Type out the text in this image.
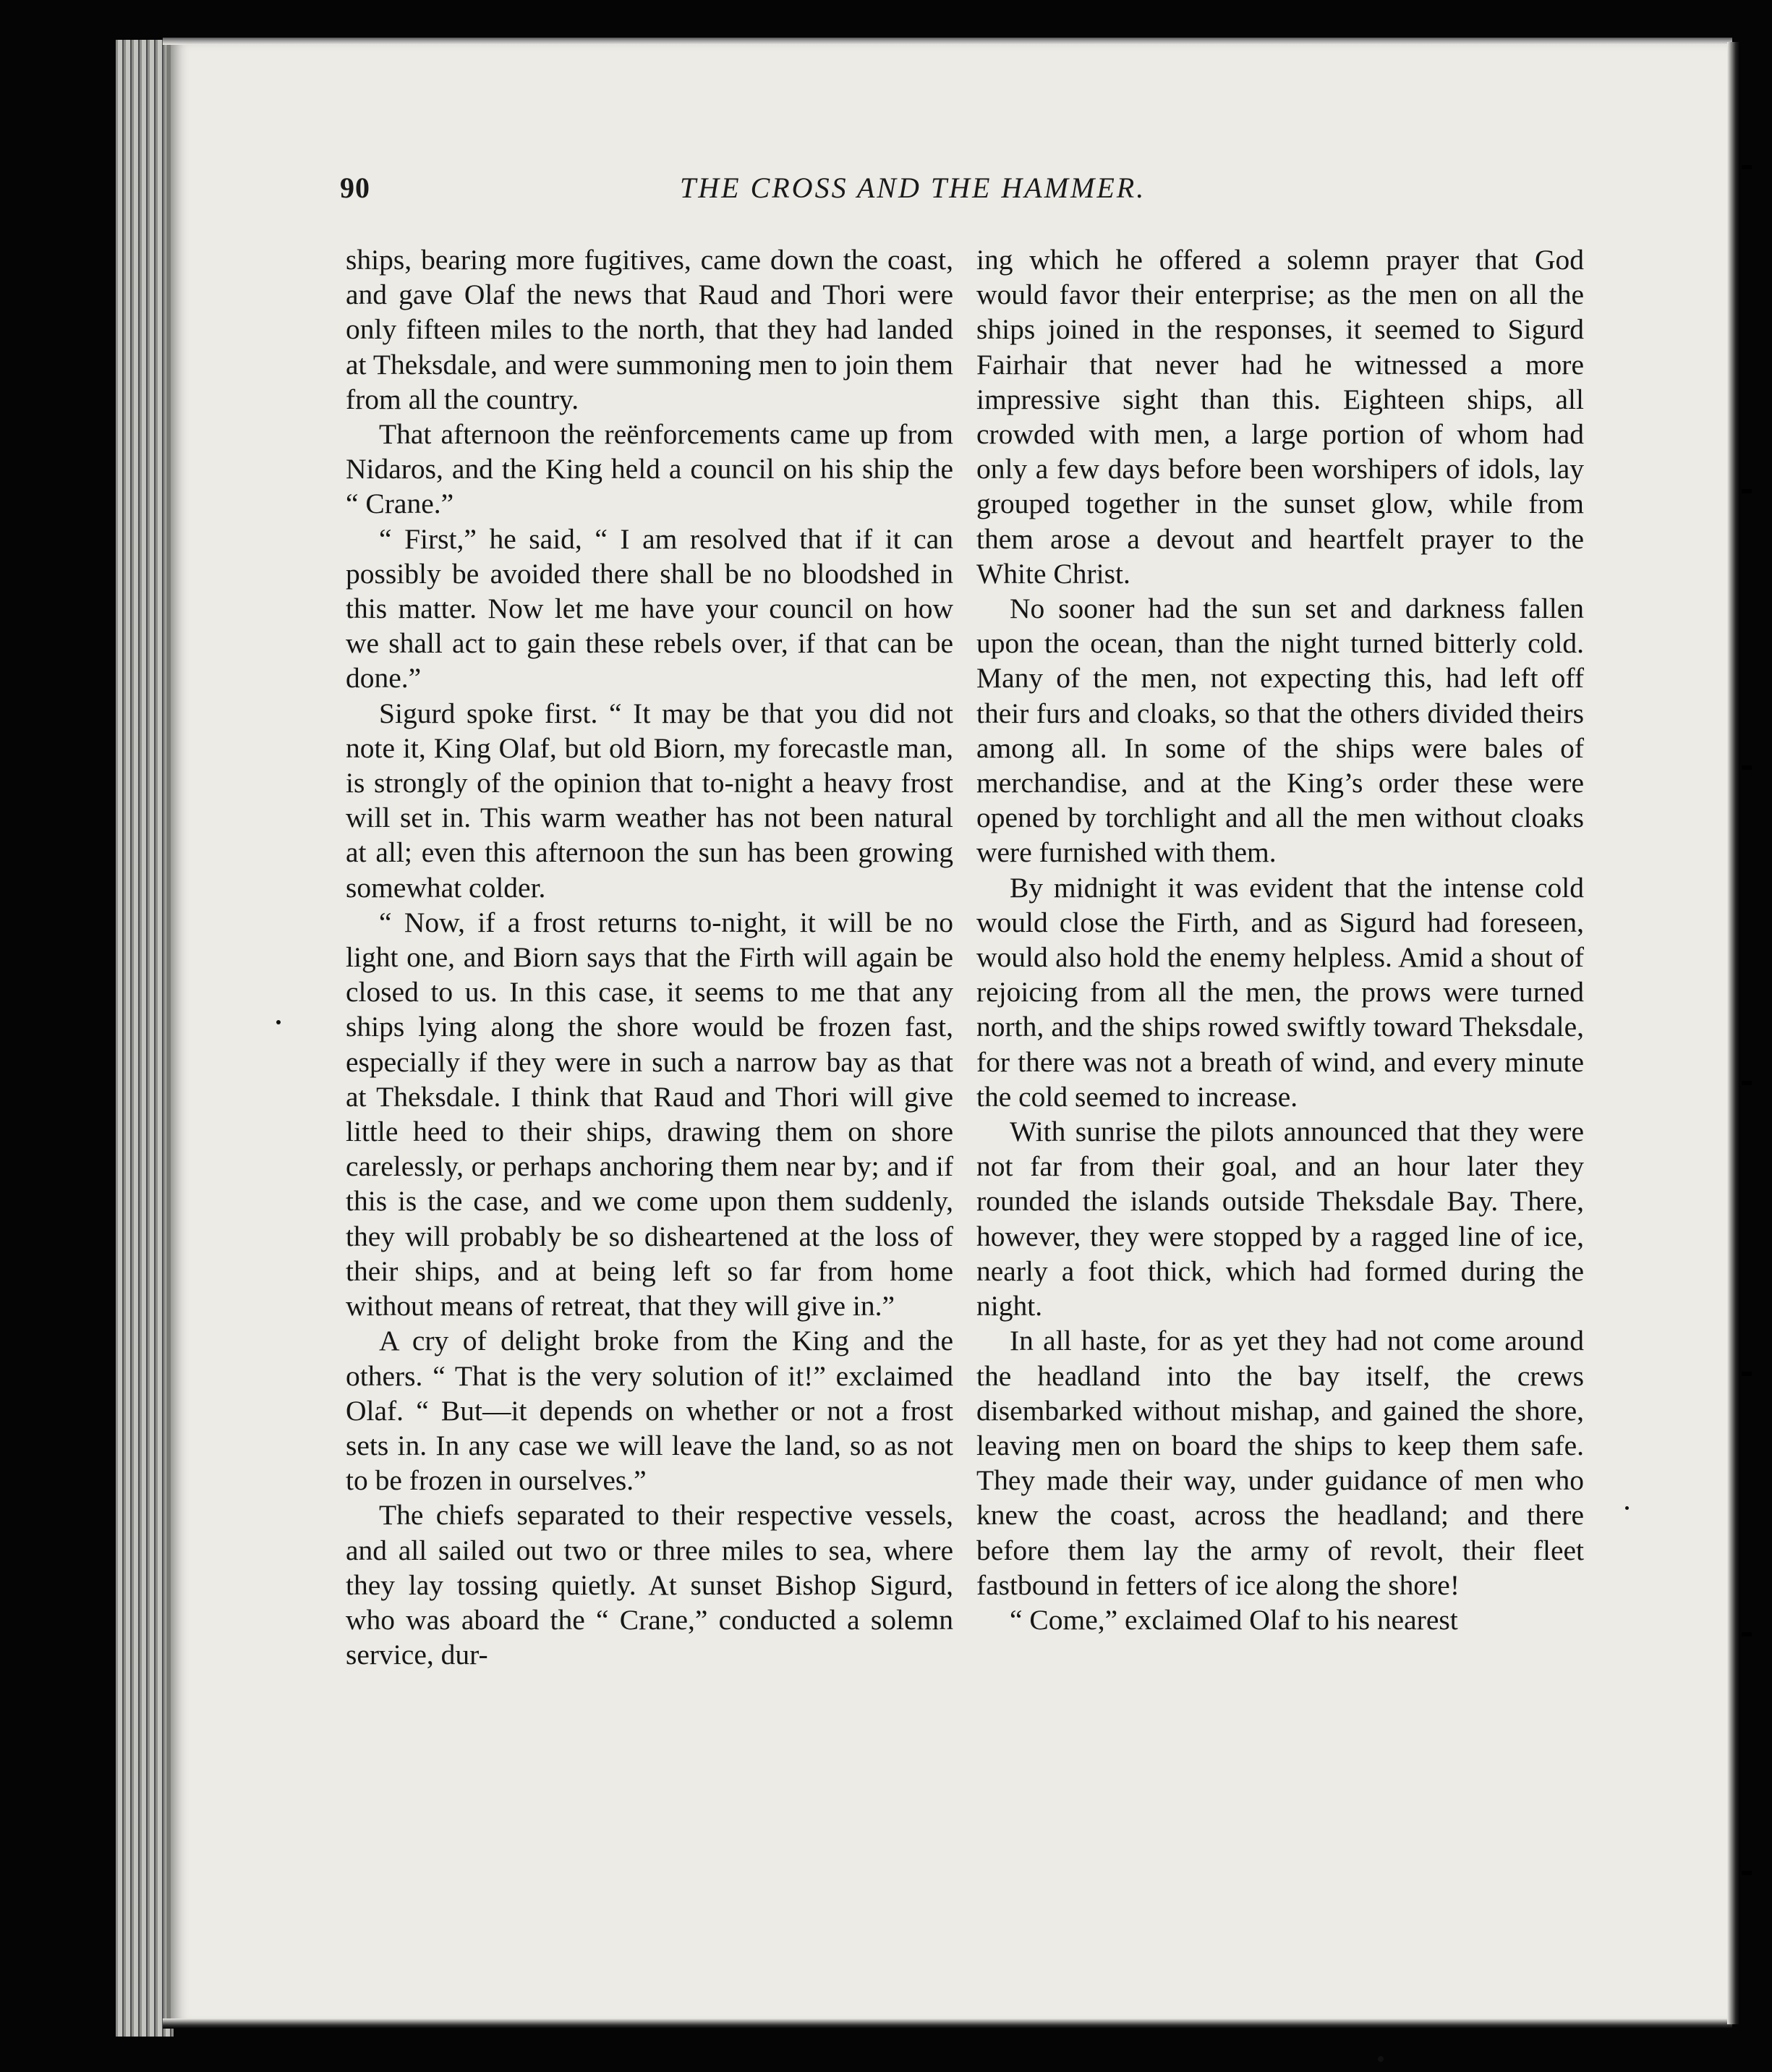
90	THE CROSS AND THE HAMMER.

ships, bearing more fugitives, came down the coast, and gave Olaf the news that Raud and Thori were only fifteen miles to the north, that they had landed at Theksdale, and were summoning men to join them from all the country.

That afternoon the reënforcements came up from Nidaros, and the King held a council on his ship the “ Crane.”

“ First,” he said, “ I am resolved that if it can possibly be avoided there shall be no bloodshed in this matter. Now let me have your council on how we shall act to gain these rebels over, if that can be done.”

Sigurd spoke first. “ It may be that you did not note it, King Olaf, but old Biorn, my forecastle man, is strongly of the opinion that to-night a heavy frost will set in. This warm weather has not been natural at all; even this afternoon the sun has been growing somewhat colder.

“ Now, if a frost returns to-night, it will be no light one, and Biorn says that the Firth will again be closed to us. In this case, it seems to me that any ships lying along the shore would be frozen fast, especially if they were in such a narrow bay as that at Theksdale. I think that Raud and Thori will give little heed to their ships, drawing them on shore carelessly, or perhaps anchoring them near by; and if this is the case, and we come upon them suddenly, they will probably be so disheartened at the loss of their ships, and at being left so far from home without means of retreat, that they will give in.”

A cry of delight broke from the King and the others. “ That is the very solution of it!” exclaimed Olaf. “ But—it depends on whether or not a frost sets in. In any case we will leave the land, so as not to be frozen in ourselves.”

The chiefs separated to their respective vessels, and all sailed out two or three miles to sea, where they lay tossing quietly. At sunset Bishop Sigurd, who was aboard the “ Crane,” conducted a solemn service, dur-

ing which he offered a solemn prayer that God would favor their enterprise; as the men on all the ships joined in the responses, it seemed to Sigurd Fairhair that never had he witnessed a more impressive sight than this. Eighteen ships, all crowded with men, a large portion of whom had only a few days before been worshipers of idols, lay grouped together in the sunset glow, while from them arose a devout and heartfelt prayer to the White Christ.

No sooner had the sun set and darkness fallen upon the ocean, than the night turned bitterly cold. Many of the men, not expecting this, had left off their furs and cloaks, so that the others divided theirs among all. In some of the ships were bales of merchandise, and at the King’s order these were opened by torchlight and all the men without cloaks were furnished with them.

By midnight it was evident that the intense cold would close the Firth, and as Sigurd had foreseen, would also hold the enemy helpless. Amid a shout of rejoicing from all the men, the prows were turned north, and the ships rowed swiftly toward Theksdale, for there was not a breath of wind, and every minute the cold seemed to increase.

With sunrise the pilots announced that they were not far from their goal, and an hour later they rounded the islands outside Theksdale Bay. There, however, they were stopped by a ragged line of ice, nearly a foot thick, which had formed during the night.

In all haste, for as yet they had not come around the headland into the bay itself, the crews disembarked without mishap, and gained the shore, leaving men on board the ships to keep them safe. They made their way, under guidance of men who knew the coast, across the headland; and there before them lay the army of revolt, their fleet fastbound in fetters of ice along the shore!

“ Come,” exclaimed Olaf to his nearest
